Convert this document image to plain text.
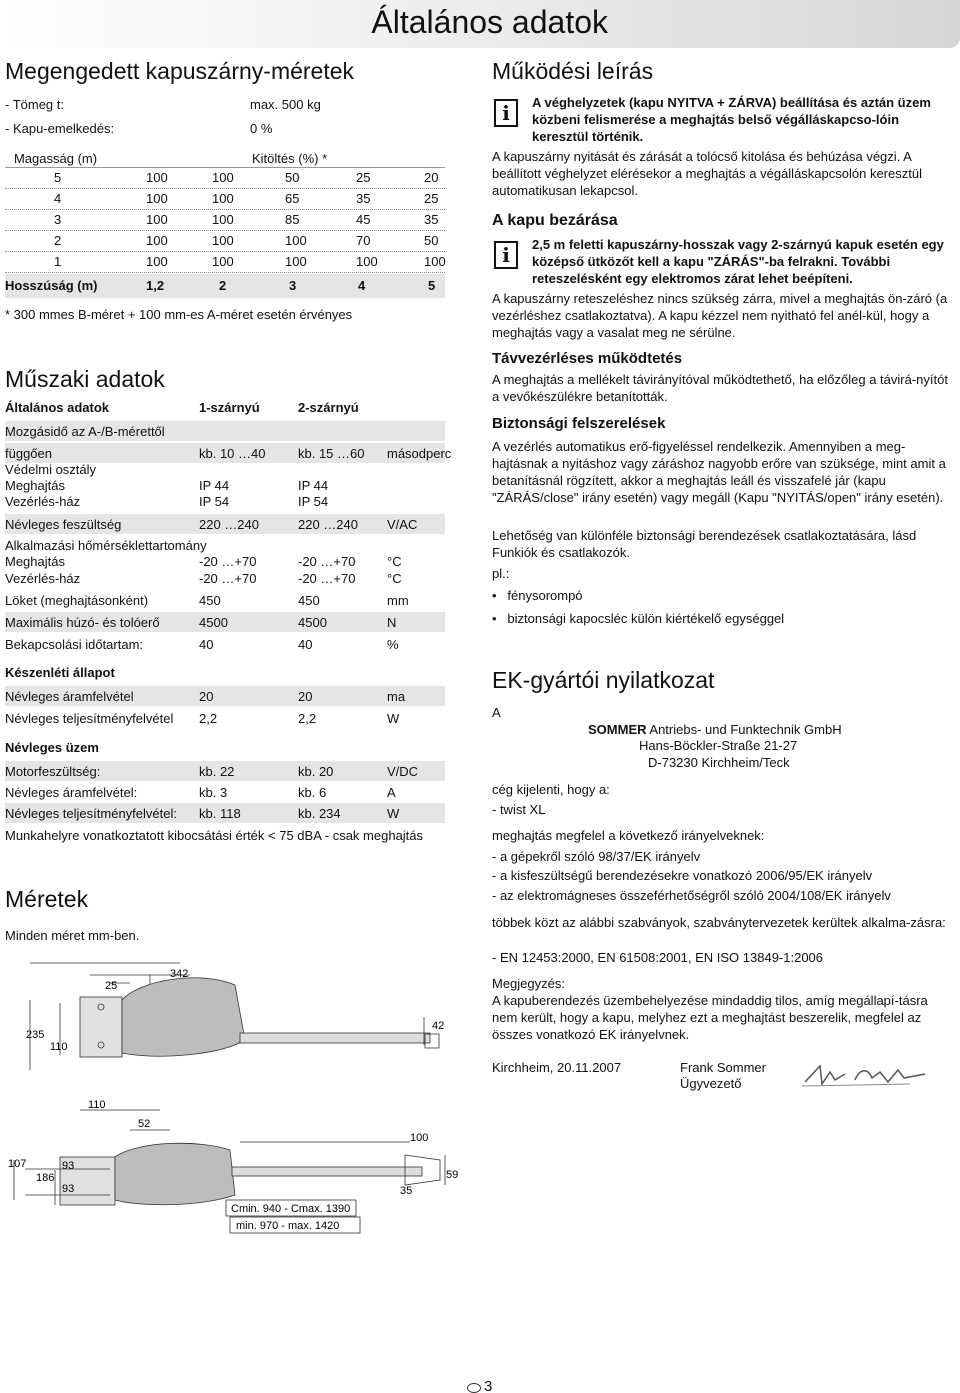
Általános adatok
Megengedett kapuszárny-méretek
- Tömeg t:	max. 500 kg
- Kapu-emelkedés:	0 %
Magasság (m)	Kitöltés (%) *
5	100	100	50	25	20
4	100	100	65	35	25
3	100	100	85	45	35
2	100	100	100	70	50
1	100	100	100	100	100
Hosszúság (m)	1,2	2	3	4	5
* 300 mmes B-méret + 100 mm-es A-méret esetén érvényes
Műszaki adatok
Általános adatok	1-szárnyú	2-szárnyú
Mozgásidő az A-/B-mérettől
függően	kb. 10 …40	kb. 15 …60 másodperc
Védelmi osztály
Meghajtás	IP 44	IP 44
Vezérlés-ház	IP 54	IP 54
Névleges feszültség	220 …240	220 …240 V/AC
Alkalmazási hőmérséklettartomány
Meghajtás	-20 …+70	-20 …+70 °C
Vezérlés-ház	-20 …+70	-20 …+70 °C
Löket (meghajtásonként)	450	450	mm
Maximális húzó- és tolóerő	4500	4500	N
Bekapcsolási időtartam:	40	40	%
Készenléti állapot
Névleges áramfelvétel	20	20	ma
Névleges teljesítményfelvétel 2,2	2,2	W
Névleges üzem
Motorfeszültség:	kb. 22	kb. 20	V/DC
Névleges áramfelvétel:	kb. 3	kb. 6	A
Névleges teljesítményfelvétel: kb. 118	kb. 234	W
Munkahelyre vonatkoztatott kibocsátási érték < 75 dBA - csak meghajtás
Méretek
Minden méret mm-ben.
342
25
235
110
42
110
52
100
107
186
93
93	35
59
Cmin. 940 - Cmax. 1390
min. 970 - max. 1420
Működési leírás
i	A véghelyzetek (kapu NYITVA + ZÁRVA) beállítása és aztán üzem közbeni felismerése a meghajtás belső végálláskapcso-lóin keresztül történik.
A kapuszárny nyitását és zárását a tolócső kitolása és behúzása végzi. A beállított véghelyzet elérésekor a meghajtás a végálláskapcsolón keresztül automatikusan lekapcsol.
A kapu bezárása
i	2,5 m feletti kapuszárny-hosszak vagy 2-szárnyú kapuk esetén egy középső ütközőt kell a kapu "ZÁRÁS"-ba felrakni. További reteszelésként egy elektromos zárat lehet beépíteni.
A kapuszárny reteszeléshez nincs szükség zárra, mivel a meghajtás ön-záró (a vezérléshez csatlakoztatva). A kapu kézzel nem nyitható fel anél-kül, hogy a meghajtás vagy a vasalat meg ne sérülne.
Távvezérléses működtetés
A meghajtás a mellékelt távirányítóval működtethető, ha előzőleg a távirá-nyítót a vevőkészülékre betanították.
Biztonsági felszerelések
A vezérlés automatikus erő-figyeléssel rendelkezik. Amennyiben a meg-hajtásnak a nyitáshoz vagy záráshoz nagyobb erőre van szüksége, mint amit a betanításnál rögzített, akkor a meghajtás leáll és visszafelé jár (kapu "ZÁRÁS/close" irány esetén) vagy megáll (Kapu "NYITÁS/open" irány esetén).
Lehetőség van különféle biztonsági berendezések csatlakoztatására, lásd Funkiók és csatlakozók.
pl.:
•   fénysorompó
•   biztonsági kapocsléc külön kiértékelő egységgel
EK-gyártói nyilatkozat
A
SOMMER Antriebs- und Funktechnik GmbH
Hans-Böckler-Straße 21-27
D-73230 Kirchheim/Teck
cég kijelenti, hogy a:
- twist XL
meghajtás megfelel a következő irányelveknek:
- a gépekről szóló 98/37/EK irányelv
- a kisfeszültségű berendezésekre vonatkozó 2006/95/EK irányelv
- az elektromágneses összeférhetőségről szóló 2004/108/EK irányelv
többek közt az alábbi szabványok, szabványtervezetek kerültek alkalma-zásra:
- EN 12453:2000, EN 61508:2001, EN ISO 13849-1:2006
Megjegyzés:
A kapuberendezés üzembehelyezése mindaddig tilos, amíg megállapí-tásra nem került, hogy a kapu, melyhez ezt a meghajtást beszerelik, megfelel az összes vonatkozó EK irányelvnek.
Kirchheim, 20.11.2007	Frank Sommer
Ügyvezető
3
